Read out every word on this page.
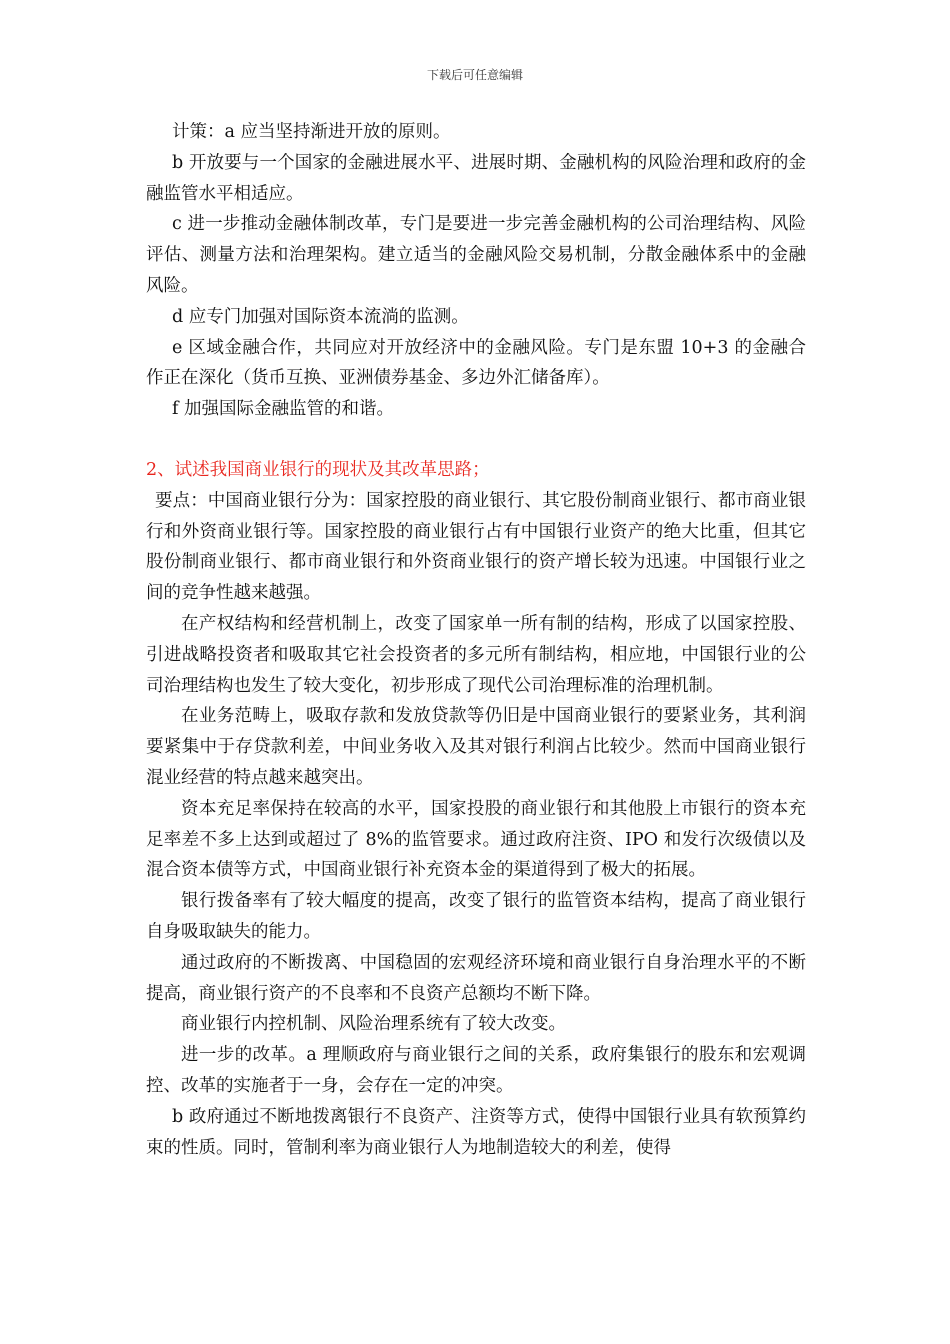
下载后可任意编辑

计策：a 应当坚持渐进开放的原则。

b 开放要与一个国家的金融进展水平、进展时期、金融机构的风险治理和政府的金融监管水平相适应。

c 进一步推动金融体制改革，专门是要进一步完善金融机构的公司治理结构、风险评估、测量方法和治理架构。建立适当的金融风险交易机制，分散金融体系中的金融风险。

d 应专门加强对国际资本流淌的监测。

e 区域金融合作，共同应对开放经济中的金融风险。专门是东盟 10+3 的金融合作正在深化（货币互换、亚洲债券基金、多边外汇储备库）。

f 加强国际金融监管的和谐。

2、试述我国商业银行的现状及其改革思路；

要点：中国商业银行分为：国家控股的商业银行、其它股份制商业银行、都市商业银行和外资商业银行等。国家控股的商业银行占有中国银行业资产的绝大比重，但其它股份制商业银行、都市商业银行和外资商业银行的资产增长较为迅速。中国银行业之间的竞争性越来越强。

在产权结构和经营机制上，改变了国家单一所有制的结构，形成了以国家控股、引进战略投资者和吸取其它社会投资者的多元所有制结构，相应地，中国银行业的公司治理结构也发生了较大变化，初步形成了现代公司治理标准的治理机制。

在业务范畴上，吸取存款和发放贷款等仍旧是中国商业银行的要紧业务，其利润要紧集中于存贷款利差，中间业务收入及其对银行利润占比较少。然而中国商业银行混业经营的特点越来越突出。

资本充足率保持在较高的水平，国家投股的商业银行和其他股上市银行的资本充足率差不多上达到或超过了 8%的监管要求。通过政府注资、IPO 和发行次级债以及混合资本债等方式，中国商业银行补充资本金的渠道得到了极大的拓展。

银行拨备率有了较大幅度的提高，改变了银行的监管资本结构，提高了商业银行自身吸取缺失的能力。

通过政府的不断拨离、中国稳固的宏观经济环境和商业银行自身治理水平的不断提高，商业银行资产的不良率和不良资产总额均不断下降。

商业银行内控机制、风险治理系统有了较大改变。

进一步的改革。a 理顺政府与商业银行之间的关系，政府集银行的股东和宏观调控、改革的实施者于一身，会存在一定的冲突。

b 政府通过不断地拨离银行不良资产、注资等方式，使得中国银行业具有软预算约束的性质。同时，管制利率为商业银行人为地制造较大的利差，使得
